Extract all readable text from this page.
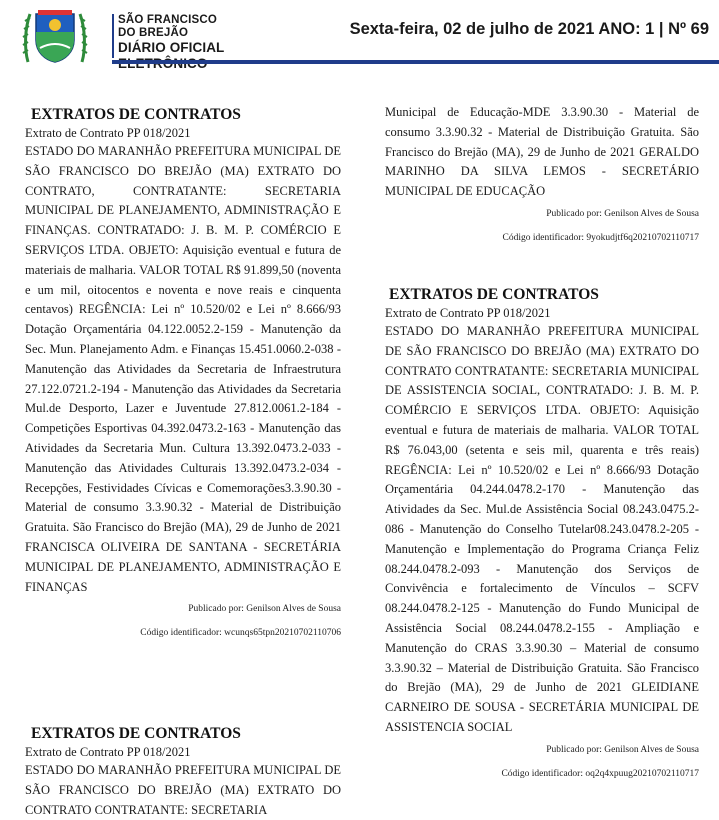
SÃO FRANCISCO
DO BREJÃO
DIÁRIO OFICIAL
Sexta-feira, 02 de julho de 2021 ANO: 1 | Nº 69
EXTRATOS DE CONTRATOS
Extrato de Contrato PP 018/2021
ESTADO DO MARANHÃO PREFEITURA MUNICIPAL DE SÃO FRANCISCO DO BREJÃO (MA) EXTRATO DO CONTRATO, CONTRATANTE: SECRETARIA MUNICIPAL DE PLANEJAMENTO, ADMINISTRAÇÃO E FINANÇAS. CONTRATADO: J. B. M. P. COMÉRCIO E SERVIÇOS LTDA. OBJETO: Aquisição eventual e futura de materiais de malharia. VALOR TOTAL R$ 91.899,50 (noventa e um mil, oitocentos e noventa e nove reais e cinquenta centavos) REGÊNCIA: Lei nº 10.520/02 e Lei nº 8.666/93 Dotação Orçamentária 04.122.0052.2-159 - Manutenção da Sec. Mun. Planejamento Adm. e Finanças 15.451.0060.2-038 - Manutenção das Atividades da Secretaria de Infraestrutura 27.122.0721.2-194 - Manutenção das Atividades da Secretaria Mul.de Desporto, Lazer e Juventude 27.812.0061.2-184 - Competições Esportivas 04.392.0473.2-163 - Manutenção das Atividades da Secretaria Mun. Cultura 13.392.0473.2-033 - Manutenção das Atividades Culturais 13.392.0473.2-034 - Recepções, Festividades Cívicas e Comemorações3.3.90.30 - Material de consumo 3.3.90.32 - Material de Distribuição Gratuita. São Francisco do Brejão (MA), 29 de Junho de 2021 FRANCISCA OLIVEIRA DE SANTANA - SECRETÁRIA MUNICIPAL DE PLANEJAMENTO, ADMINISTRAÇÃO E FINANÇAS
Publicado por: Genilson Alves de Sousa
Código identificador: wcunqs65tpn20210702110706
EXTRATOS DE CONTRATOS
Extrato de Contrato PP 018/2021
ESTADO DO MARANHÃO PREFEITURA MUNICIPAL DE SÃO FRANCISCO DO BREJÃO (MA) EXTRATO DO CONTRATO CONTRATANTE: SECRETARIA
Municipal de Educação-MDE 3.3.90.30 - Material de consumo 3.3.90.32 - Material de Distribuição Gratuita. São Francisco do Brejão (MA), 29 de Junho de 2021 GERALDO MARINHO DA SILVA LEMOS - SECRETÁRIO MUNICIPAL DE EDUCAÇÃO
Publicado por: Genilson Alves de Sousa
Código identificador: 9yokudjtf6q20210702110717
EXTRATOS DE CONTRATOS
Extrato de Contrato PP 018/2021
ESTADO DO MARANHÃO PREFEITURA MUNICIPAL DE SÃO FRANCISCO DO BREJÃO (MA) EXTRATO DO CONTRATO CONTRATANTE: SECRETARIA MUNICIPAL DE ASSISTENCIA SOCIAL, CONTRATADO: J. B. M. P. COMÉRCIO E SERVIÇOS LTDA. OBJETO: Aquisição eventual e futura de materiais de malharia. VALOR TOTAL R$ 76.043,00 (setenta e seis mil, quarenta e três reais) REGÊNCIA: Lei nº 10.520/02 e Lei nº 8.666/93 Dotação Orçamentária 04.244.0478.2-170 - Manutenção das Atividades da Sec. Mul.de Assistência Social 08.243.0475.2-086 - Manutenção do Conselho Tutelar08.243.0478.2-205 - Manutenção e Implementação do Programa Criança Feliz 08.244.0478.2-093 - Manutenção dos Serviços de Convivência e fortalecimento de Vínculos – SCFV 08.244.0478.2-125 - Manutenção do Fundo Municipal de Assistência Social 08.244.0478.2-155 - Ampliação e Manutenção do CRAS 3.3.90.30 – Material de consumo 3.3.90.32 – Material de Distribuição Gratuita. São Francisco do Brejão (MA), 29 de Junho de 2021 GLEIDIANE CARNEIRO DE SOUSA - SECRETÁRIA MUNICIPAL DE ASSISTENCIA SOCIAL
Publicado por: Genilson Alves de Sousa
Código identificador: oq2q4xpuug20210702110717
